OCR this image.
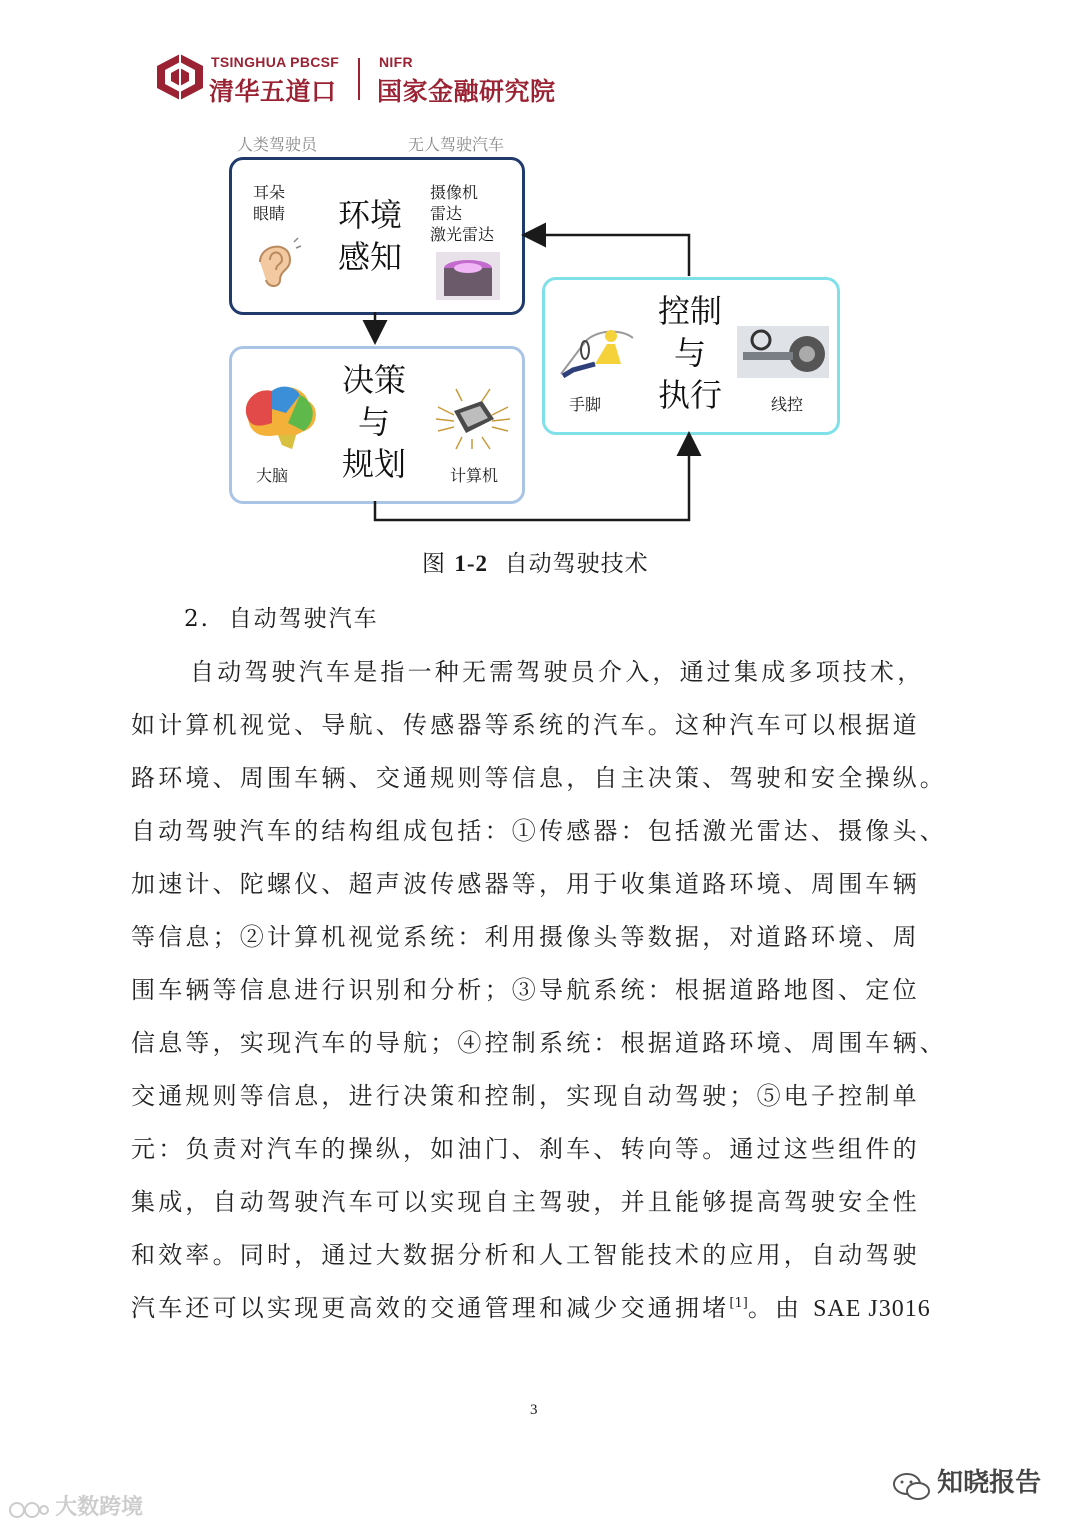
TSINGHUA PBCSF
清华五道口
NIFR
国家金融研究院
人类驾驶员	无人驾驶汽车
耳朵
眼睛 环境
感知
摄像机
雷达
激光雷达
大脑
决策
与
规划	计算机
手脚
控制
与
执行	线控
图 1-2 自动驾驶技术
2.  自动驾驶汽车
自动驾驶汽车是指一种无需驾驶员介入，通过集成多项技术，
如计算机视觉、导航、传感器等系统的汽车。这种汽车可以根据道
路环境、周围车辆、交通规则等信息，自主决策、驾驶和安全操纵。
自动驾驶汽车的结构组成包括：①传感器：包括激光雷达、摄像头、
加速计、陀螺仪、超声波传感器等，用于收集道路环境、周围车辆
等信息；②计算机视觉系统：利用摄像头等数据，对道路环境、周
围车辆等信息进行识别和分析；③导航系统：根据道路地图、定位
信息等，实现汽车的导航；④控制系统：根据道路环境、周围车辆、
交通规则等信息，进行决策和控制，实现自动驾驶；⑤电子控制单
元：负责对汽车的操纵，如油门、刹车、转向等。通过这些组件的
集成，自动驾驶汽车可以实现自主驾驶，并且能够提高驾驶安全性
和效率。同时，通过大数据分析和人工智能技术的应用，自动驾驶
汽车还可以实现更高效的交通管理和减少交通拥堵[1]。由 SAE J3016
3
知晓报告
大数跨境
